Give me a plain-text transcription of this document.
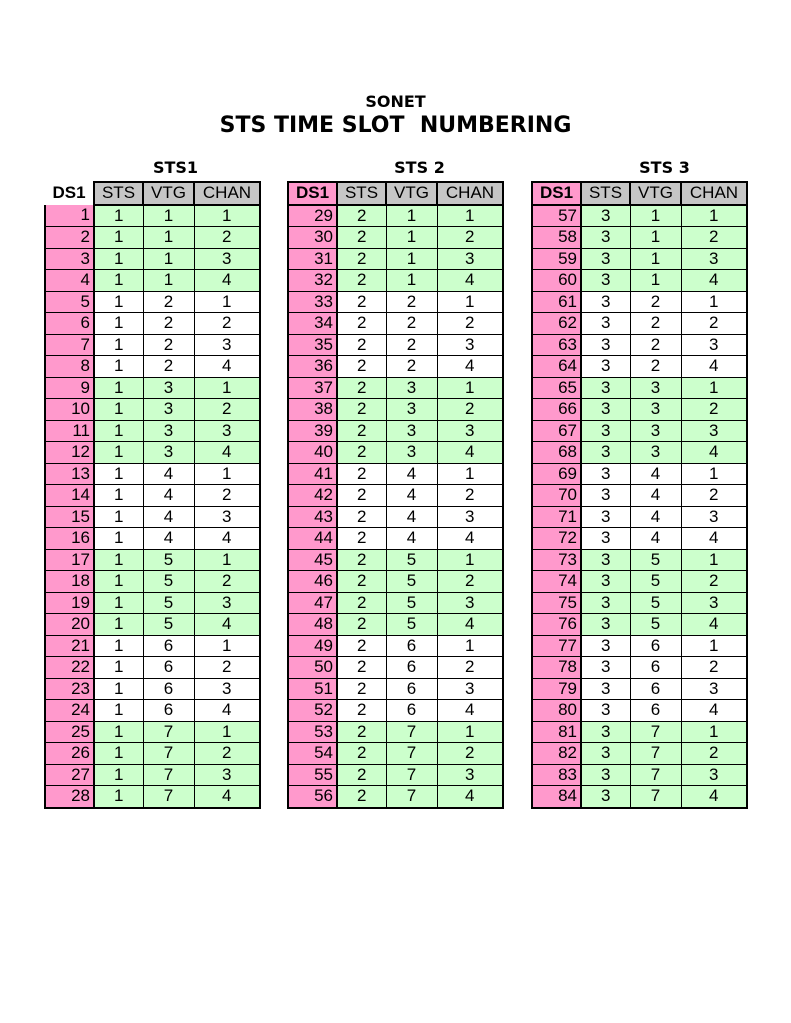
SONET
STS TIME SLOT  NUMBERING
STS1	STS 2	STS 3
DS1	STS	VTG	CHAN
1	1	1	1
2	1	1	2
3	1	1	3
4	1	1	4
5	1	2	1
6	1	2	2
7	1	2	3
8	1	2	4
9	1	3	1
10	1	3	2
11	1	3	3
12	1	3	4
13	1	4	1
14	1	4	2
15	1	4	3
16	1	4	4
17	1	5	1
18	1	5	2
19	1	5	3
20	1	5	4
21	1	6	1
22	1	6	2
23	1	6	3
24	1	6	4
25	1	7	1
26	1	7	2
27	1	7	3
28	1	7	4
DS1	STS	VTG	CHAN
29	2	1	1
30	2	1	2
31	2	1	3
32	2	1	4
33	2	2	1
34	2	2	2
35	2	2	3
36	2	2	4
37	2	3	1
38	2	3	2
39	2	3	3
40	2	3	4
41	2	4	1
42	2	4	2
43	2	4	3
44	2	4	4
45	2	5	1
46	2	5	2
47	2	5	3
48	2	5	4
49	2	6	1
50	2	6	2
51	2	6	3
52	2	6	4
53	2	7	1
54	2	7	2
55	2	7	3
56	2	7	4
DS1	STS	VTG	CHAN
57	3	1	1
58	3	1	2
59	3	1	3
60	3	1	4
61	3	2	1
62	3	2	2
63	3	2	3
64	3	2	4
65	3	3	1
66	3	3	2
67	3	3	3
68	3	3	4
69	3	4	1
70	3	4	2
71	3	4	3
72	3	4	4
73	3	5	1
74	3	5	2
75	3	5	3
76	3	5	4
77	3	6	1
78	3	6	2
79	3	6	3
80	3	6	4
81	3	7	1
82	3	7	2
83	3	7	3
84	3	7	4
